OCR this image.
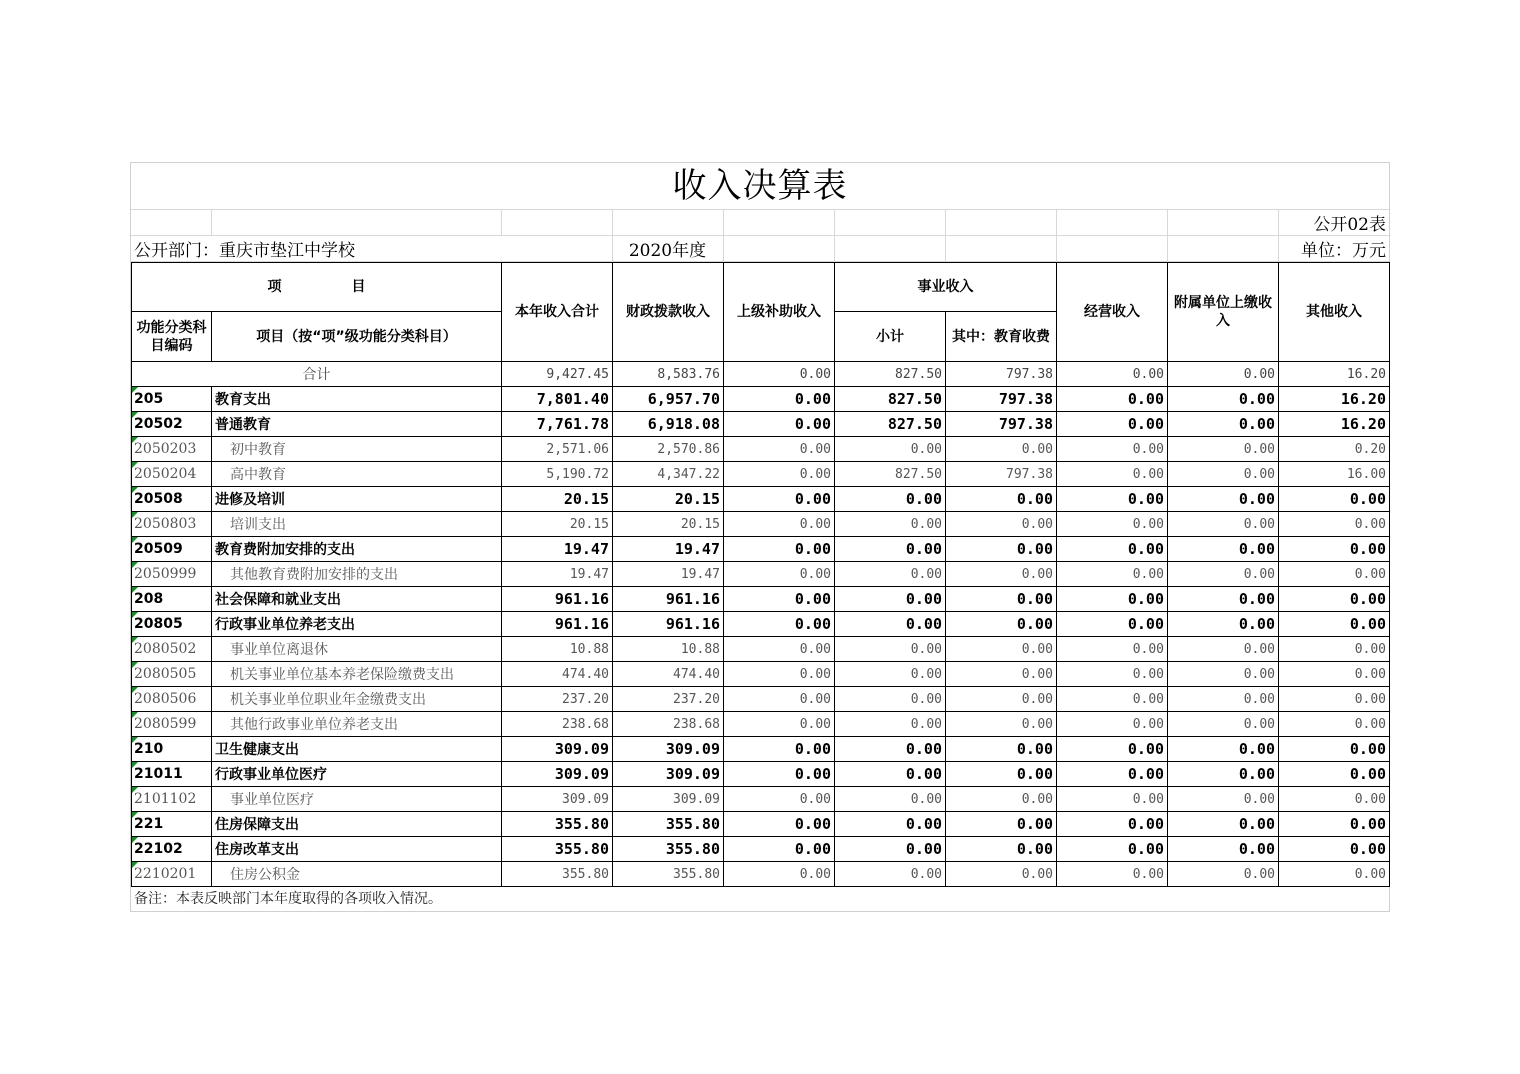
收入决算表
									公开02表
公开部门：重庆市垫江中学校			2020年度						单位：万元
项　　　　　目		本年收入合计	财政拨款收入	上级补助收入	事业收入		经营收入	附属单位上缴收入	其他收入
功能分类科目编码	项目（按“项”级功能分类科目）				小计	其中：教育收费			

合计		9,427.45	8,583.76	0.00	827.50	797.38	0.00	0.00	16.20
205	教育支出	7,801.40	6,957.70	0.00	827.50	797.38	0.00	0.00	16.20
20502	普通教育	7,761.78	6,918.08	0.00	827.50	797.38	0.00	0.00	16.20
2050203	初中教育	2,571.06	2,570.86	0.00	0.00	0.00	0.00	0.00	0.20
2050204	高中教育	5,190.72	4,347.22	0.00	827.50	797.38	0.00	0.00	16.00
20508	进修及培训	20.15	20.15	0.00	0.00	0.00	0.00	0.00	0.00
2050803	培训支出	20.15	20.15	0.00	0.00	0.00	0.00	0.00	0.00
20509	教育费附加安排的支出	19.47	19.47	0.00	0.00	0.00	0.00	0.00	0.00
2050999	其他教育费附加安排的支出	19.47	19.47	0.00	0.00	0.00	0.00	0.00	0.00
208	社会保障和就业支出	961.16	961.16	0.00	0.00	0.00	0.00	0.00	0.00
20805	行政事业单位养老支出	961.16	961.16	0.00	0.00	0.00	0.00	0.00	0.00
2080502	事业单位离退休	10.88	10.88	0.00	0.00	0.00	0.00	0.00	0.00
2080505	机关事业单位基本养老保险缴费支出	474.40	474.40	0.00	0.00	0.00	0.00	0.00	0.00
2080506	机关事业单位职业年金缴费支出	237.20	237.20	0.00	0.00	0.00	0.00	0.00	0.00
2080599	其他行政事业单位养老支出	238.68	238.68	0.00	0.00	0.00	0.00	0.00	0.00
210	卫生健康支出	309.09	309.09	0.00	0.00	0.00	0.00	0.00	0.00
21011	行政事业单位医疗	309.09	309.09	0.00	0.00	0.00	0.00	0.00	0.00
2101102	事业单位医疗	309.09	309.09	0.00	0.00	0.00	0.00	0.00	0.00
221	住房保障支出	355.80	355.80	0.00	0.00	0.00	0.00	0.00	0.00
22102	住房改革支出	355.80	355.80	0.00	0.00	0.00	0.00	0.00	0.00
2210201	住房公积金	355.80	355.80	0.00	0.00	0.00	0.00	0.00	0.00
备注：本表反映部门本年度取得的各项收入情况。
